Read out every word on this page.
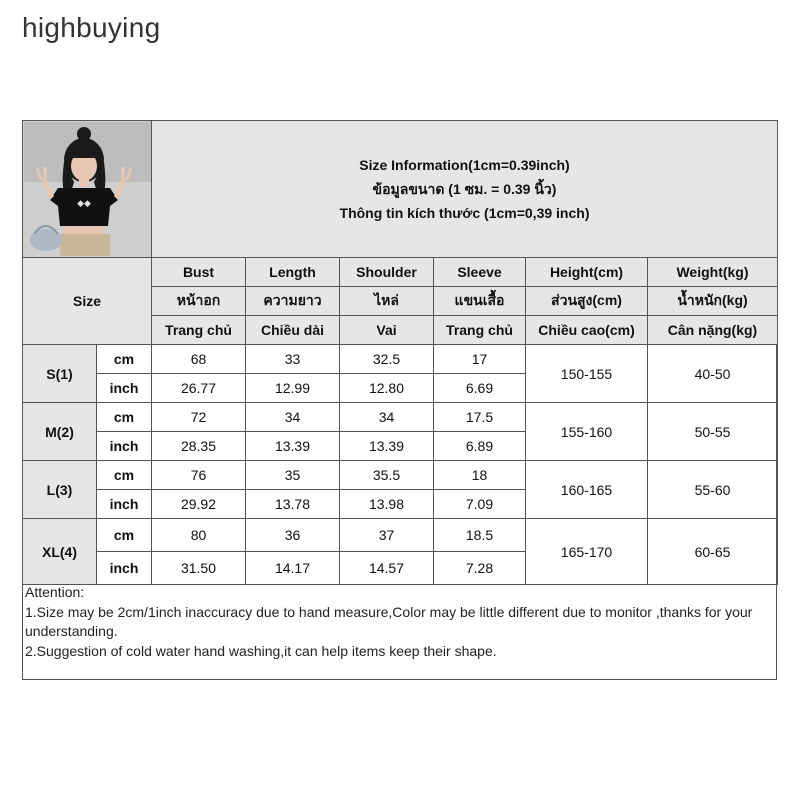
highbuying
◆◆		Size Information(1cm=0.39inch)
ข้อมูลขนาด (1 ซม. = 0.39 นิ้ว)
Thông tin kích thước (1cm=0,39 inch)					

Size		Bust	Length	Shoulder	Sleeve	Height(cm)	Weight(kg)
		หน้าอก	ความยาว	ไหล่	แขนเสื้อ	ส่วนสูง(cm)	น้ำหนัก(kg)
		Trang chủ	Chiều dài	Vai	Trang chủ	Chiều cao(cm)	Cân nặng(kg)
S(1)	cm	68	33	32.5	17	150-155	40-50
	inch	26.77	12.99	12.80	6.69		
M(2)	cm	72	34	34	17.5	155-160	50-55
	inch	28.35	13.39	13.39	6.89		
L(3)	cm	76	35	35.5	18	160-165	55-60
	inch	29.92	13.78	13.98	7.09		
XL(4)	cm	80	36	37	18.5	165-170	60-65
	inch	31.50	14.17	14.57	7.28		
Attention:
1.Size may be 2cm/1inch inaccuracy due to hand measure,Color may be little different due to monitor ,thanks for your understanding.
2.Suggestion of cold water hand washing,it can help items keep their shape.
